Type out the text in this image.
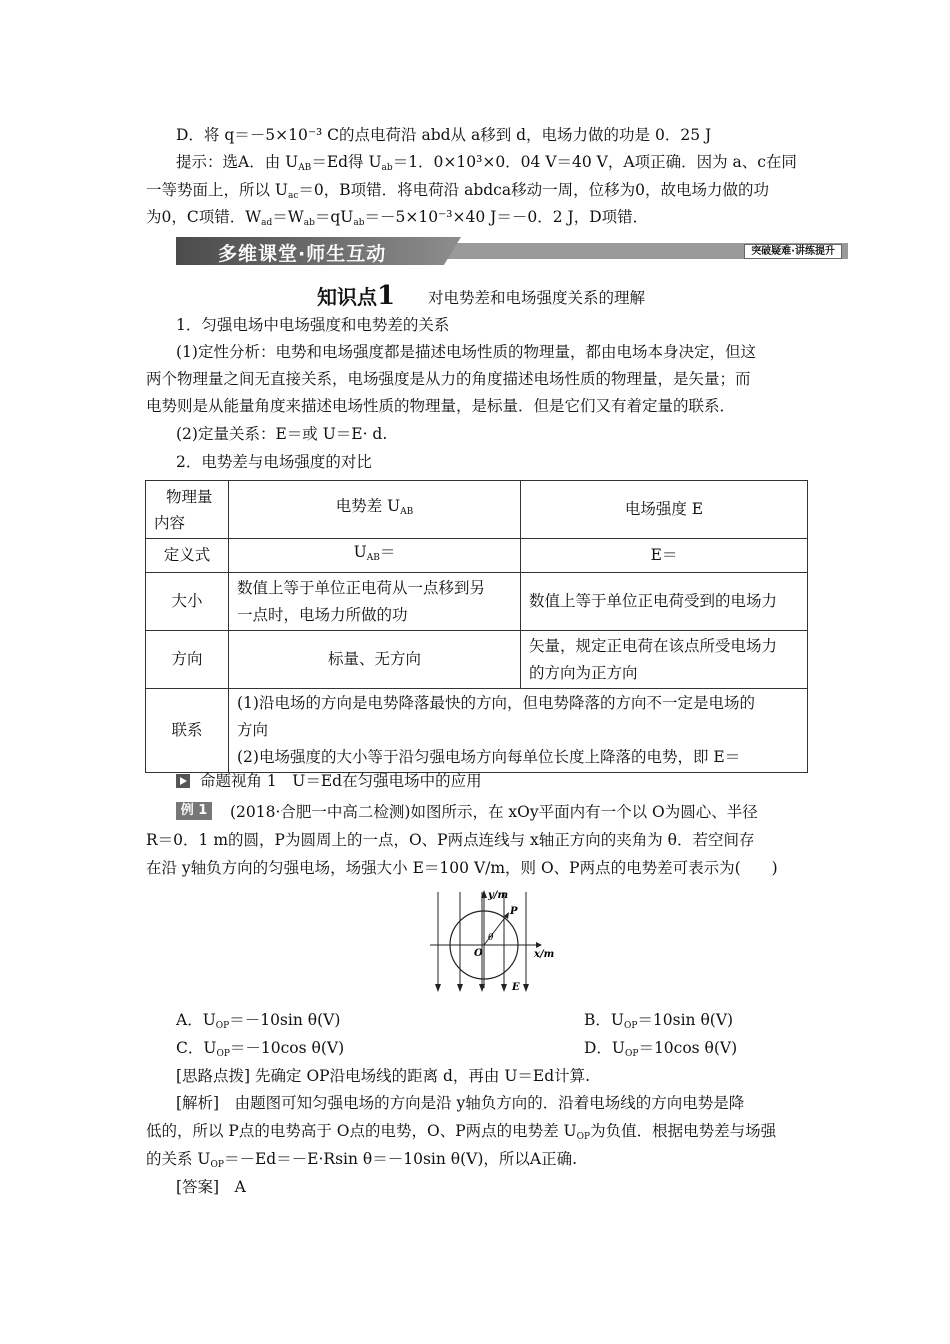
D．将 q＝－5×10⁻³ C的点电荷沿 abd从 a移到 d，电场力做的功是 0．25 J
提示：选A．由 $U_{AB}=Ed$得 $U_{ab}=1$．0×10³×0．04 V＝40 V，A项正确．因为 a、c在同
一等势面上，所以 $U_{ac}=0$，B项错．将电荷沿 abdca移动一周，位移为0，故电场力做的功
为0，C项错．$W_{ad}=W_{ab}=qU_{ab}=-5\times 10^{-3}\times 40$ J＝－0．2 J，D项错．
多维课堂·师生互动	突破疑难·讲练提升
知识点1 对电势差和电场强度关系的理解
1．匀强电场中电场强度和电势差的关系
(1)定性分析：电势和电场强度都是描述电场性质的物理量，都由电场本身决定，但这
两个物理量之间无直接关系，电场强度是从力的角度描述电场性质的物理量，是矢量；而
电势则是从能量角度来描述电场性质的物理量，是标量．但是它们又有着定量的联系．
(2)定量关系：E＝或 U＝E· d.
2．电势差与电场强度的对比
物理量
内容	电势差 $U_{AB}$	电场强度 E
定义式	$U_{AB}=$	E＝
大小	数值上等于单位正电荷从一点移到另
一点时，电场力所做的功	数值上等于单位正电荷受到的电场力
方向	标量、无方向	矢量，规定正电荷在该点所受电场力
的方向为正方向

联系	(1)沿电场的方向是电势降落最快的方向，但电势降落的方向不一定是电场的
方向
(2)电场强度的大小等于沿匀强电场方向每单位长度上降落的电势，即 E＝	
命题视角 1　U＝Ed在匀强电场中的应用
例 1	(2018·合肥一中高二检测)如图所示，在 xOy平面内有一个以 O为圆心、半径
R＝0．1 m的圆，P为圆周上的一点，O、P两点连线与 x轴正方向的夹角为 θ．若空间存
在沿 y轴负方向的匀强电场，场强大小 E＝100 V/m，则 O、P两点的电势差可表示为(　　)
y/m
x/m
P
O
θ
E
A．$U_{OP}=-10\sin$ θ(V)	B．$U_{OP}=10\sin$ θ(V)
C．$U_{OP}=-10\cos$ θ(V)	D．$U_{OP}=10\cos$ θ(V)
[思路点拨] 先确定 OP沿电场线的距离 d，再由 U＝Ed计算.
[解析]　由题图可知匀强电场的方向是沿 y轴负方向的．沿着电场线的方向电势是降
低的，所以 P点的电势高于 O点的电势，O、P两点的电势差 $U_{OP}$为负值．根据电势差与场强
的关系 $U_{OP}=-Ed=-E\cdot Rsin$ θ＝－10sin θ(V)，所以A正确.
[答案]　A
